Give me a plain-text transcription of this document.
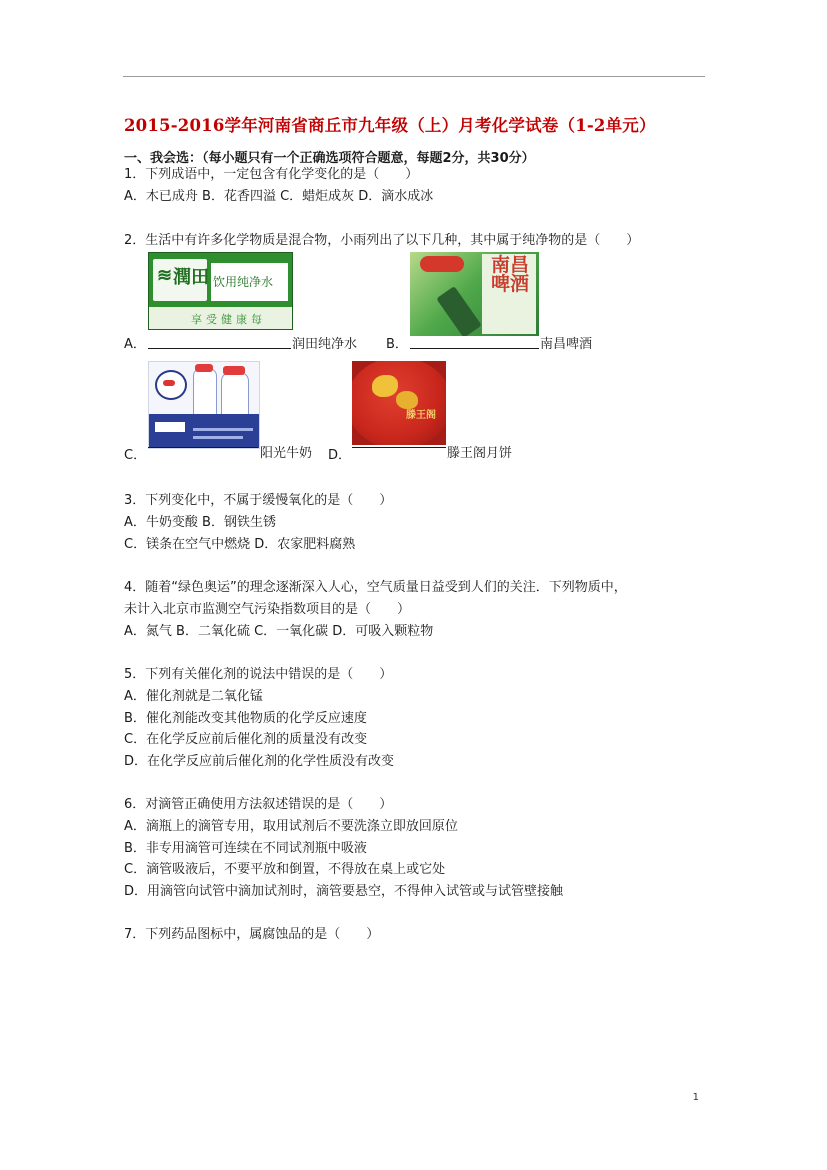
2015-2016学年河南省商丘市九年级（上）月考化学试卷（1-2单元）
一、我会选：（每小题只有一个正确选项符合题意，每题2分，共30分）
1．下列成语中，一定包含有化学变化的是（　　）
A．木已成舟 B．花香四溢 C．蜡炬成灰 D．滴水成冰
2．生活中有许多化学物质是混合物，小雨列出了以下几种，其中属于纯净物的是（　　）
≋ 潤田 饮用纯净水
享受健康每
A．	润田纯净水
南昌啤酒
B．	南昌啤酒
C．	阳光牛奶
滕王阁
D．	滕王阁月饼
3．下列变化中，不属于缓慢氧化的是（　　）
A．牛奶变酸 B．钢铁生锈
C．镁条在空气中燃烧 D．农家肥料腐熟
4．随着“绿色奥运”的理念逐渐深入人心，空气质量日益受到人们的关注．下列物质中，
未计入北京市监测空气污染指数项目的是（　　）
A．氮气 B．二氧化硫 C．一氧化碳 D．可吸入颗粒物
5．下列有关催化剂的说法中错误的是（　　）
A．催化剂就是二氧化锰
B．催化剂能改变其他物质的化学反应速度
C．在化学反应前后催化剂的质量没有改变
D．在化学反应前后催化剂的化学性质没有改变
6．对滴管正确使用方法叙述错误的是（　　）
A．滴瓶上的滴管专用，取用试剂后不要洗涤立即放回原位
B．非专用滴管可连续在不同试剂瓶中吸液
C．滴管吸液后，不要平放和倒置，不得放在桌上或它处
D．用滴管向试管中滴加试剂时，滴管要悬空，不得伸入试管或与试管壁接触
7．下列药品图标中，属腐蚀品的是（　　）
1
